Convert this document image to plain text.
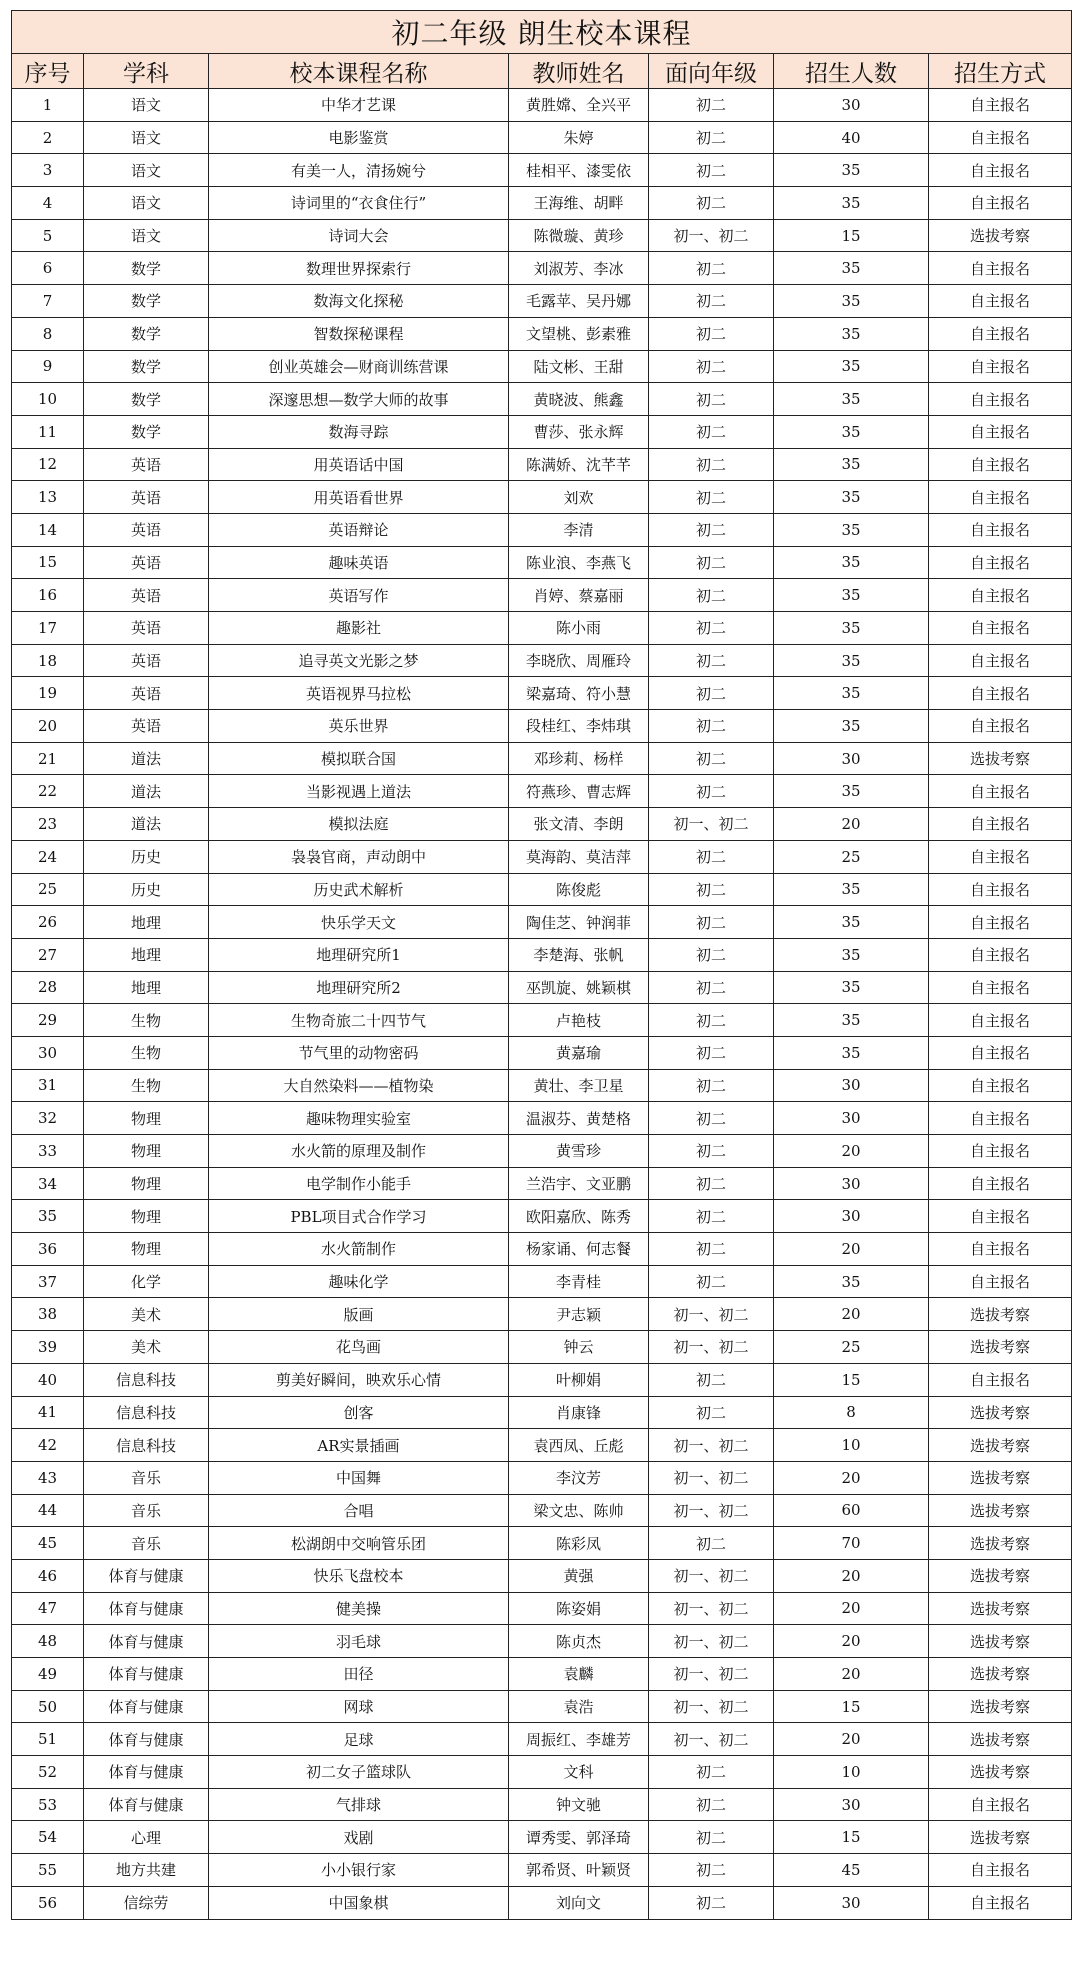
初二年级 朗生校本课程						
序号	学科	校本课程名称	教师姓名	面向年级	招生人数	招生方式
1	语文	中华才艺课	黄胜嫦、全兴平	初二	30	自主报名
2	语文	电影鉴赏	朱婷	初二	40	自主报名
3	语文	有美一人，清扬婉兮	桂相平、漆雯依	初二	35	自主报名
4	语文	诗词里的“衣食住行”	王海维、胡畔	初二	35	自主报名
5	语文	诗词大会	陈微璇、黄珍	初一、初二	15	选拔考察
6	数学	数理世界探索行	刘淑芳、李冰	初二	35	自主报名
7	数学	数海文化探秘	毛露苹、吴丹娜	初二	35	自主报名
8	数学	智数探秘课程	文望桃、彭素雅	初二	35	自主报名
9	数学	创业英雄会—财商训练营课	陆文彬、王甜	初二	35	自主报名
10	数学	深邃思想—数学大师的故事	黄晓波、熊鑫	初二	35	自主报名
11	数学	数海寻踪	曹莎、张永辉	初二	35	自主报名
12	英语	用英语话中国	陈满娇、沈芊芊	初二	35	自主报名
13	英语	用英语看世界	刘欢	初二	35	自主报名
14	英语	英语辩论	李清	初二	35	自主报名
15	英语	趣味英语	陈业浪、李燕飞	初二	35	自主报名
16	英语	英语写作	肖婷、蔡嘉丽	初二	35	自主报名
17	英语	趣影社	陈小雨	初二	35	自主报名
18	英语	追寻英文光影之梦	李晓欣、周雁玲	初二	35	自主报名
19	英语	英语视界马拉松	梁嘉琦、符小慧	初二	35	自主报名
20	英语	英乐世界	段桂红、李炜琪	初二	35	自主报名
21	道法	模拟联合国	邓珍莉、杨样	初二	30	选拔考察
22	道法	当影视遇上道法	符燕珍、曹志辉	初二	35	自主报名
23	道法	模拟法庭	张文清、李朗	初一、初二	20	自主报名
24	历史	袅袅官商，声动朗中	莫海韵、莫洁萍	初二	25	自主报名
25	历史	历史武术解析	陈俊彪	初二	35	自主报名
26	地理	快乐学天文	陶佳芝、钟润菲	初二	35	自主报名
27	地理	地理研究所1	李楚海、张帆	初二	35	自主报名
28	地理	地理研究所2	巫凯旋、姚颖棋	初二	35	自主报名
29	生物	生物奇旅二十四节气	卢艳枝	初二	35	自主报名
30	生物	节气里的动物密码	黄嘉瑜	初二	35	自主报名
31	生物	大自然染料——植物染	黄壮、李卫星	初二	30	自主报名
32	物理	趣味物理实验室	温淑芬、黄楚格	初二	30	自主报名
33	物理	水火箭的原理及制作	黄雪珍	初二	20	自主报名
34	物理	电学制作小能手	兰浩宇、文亚鹏	初二	30	自主报名
35	物理	PBL项目式合作学习	欧阳嘉欣、陈秀	初二	30	自主报名
36	物理	水火箭制作	杨家诵、何志餐	初二	20	自主报名
37	化学	趣味化学	李青桂	初二	35	自主报名
38	美术	版画	尹志颖	初一、初二	20	选拔考察
39	美术	花鸟画	钟云	初一、初二	25	选拔考察
40	信息科技	剪美好瞬间，映欢乐心情	叶柳娟	初二	15	自主报名
41	信息科技	创客	肖康锋	初二	8	选拔考察
42	信息科技	AR实景插画	袁西凤、丘彪	初一、初二	10	选拔考察
43	音乐	中国舞	李汶芳	初一、初二	20	选拔考察
44	音乐	合唱	梁文忠、陈帅	初一、初二	60	选拔考察
45	音乐	松湖朗中交响管乐团	陈彩凤	初二	70	选拔考察
46	体育与健康	快乐飞盘校本	黄强	初一、初二	20	选拔考察
47	体育与健康	健美操	陈姿娟	初一、初二	20	选拔考察
48	体育与健康	羽毛球	陈贞杰	初一、初二	20	选拔考察
49	体育与健康	田径	袁麟	初一、初二	20	选拔考察
50	体育与健康	网球	袁浩	初一、初二	15	选拔考察
51	体育与健康	足球	周振红、李雄芳	初一、初二	20	选拔考察
52	体育与健康	初二女子篮球队	文科	初二	10	选拔考察
53	体育与健康	气排球	钟文驰	初二	30	自主报名
54	心理	戏剧	谭秀雯、郭泽琦	初二	15	选拔考察
55	地方共建	小小银行家	郭希贤、叶颖贤	初二	45	自主报名
56	信综劳	中国象棋	刘向文	初二	30	自主报名
